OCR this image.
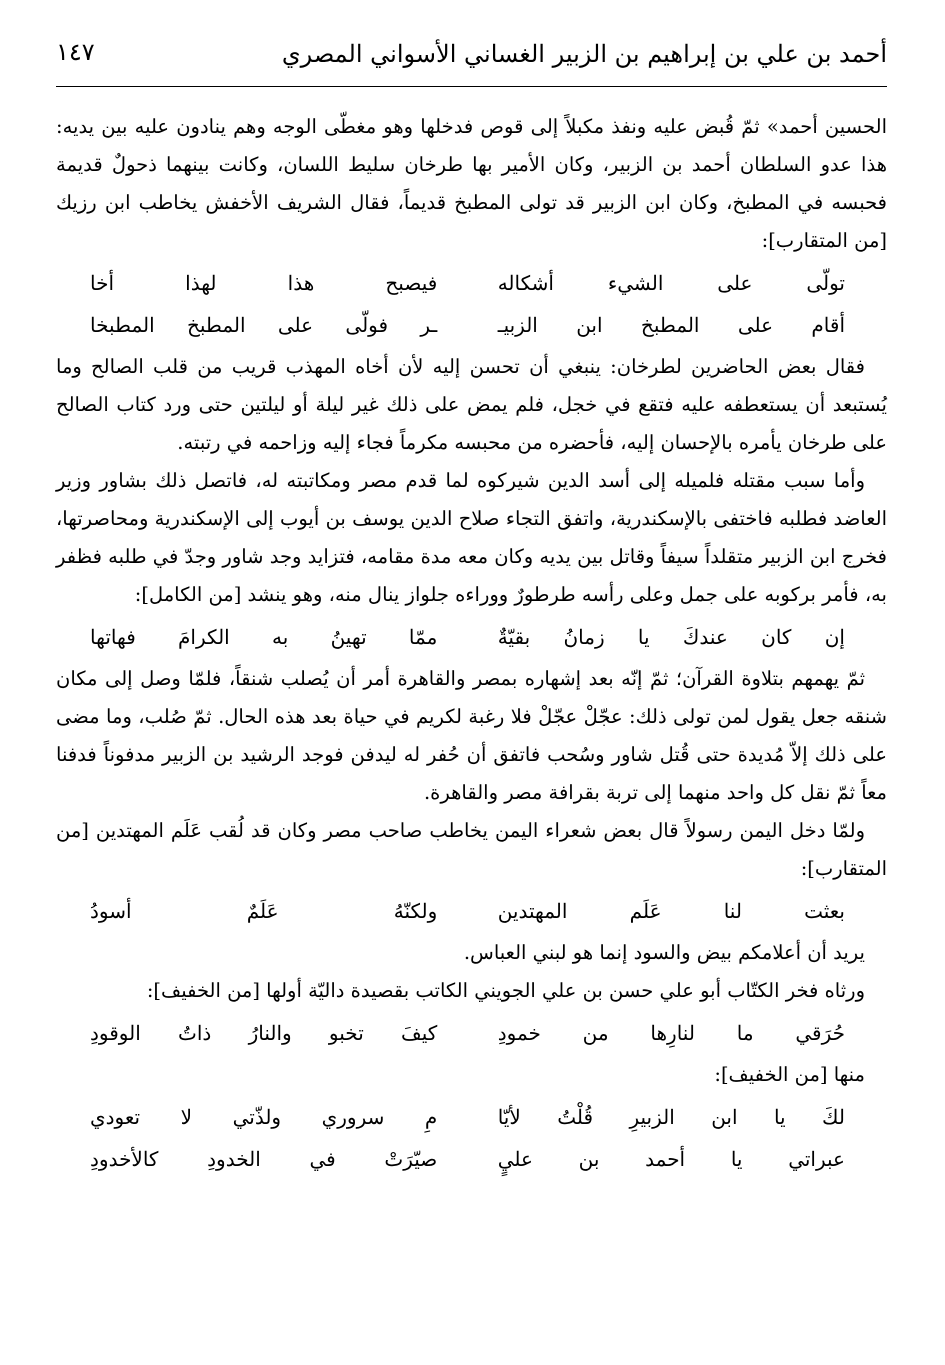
أحمد بن علي بن إبراهيم بن الزبير الغساني الأسواني المصري
١٤٧

الحسين أحمد» ثمّ قُبض عليه ونفذ مكبلاً إلى قوص فدخلها وهو مغطّى الوجه وهم ينادون عليه بين يديه: هذا عدو السلطان أحمد بن الزبير، وكان الأمير بها طرخان سليط اللسان، وكانت بينهما ذحولٌ قديمة فحبسه في المطبخ، وكان ابن الزبير قد تولى المطبخ قديماً، فقال الشريف الأخفش يخاطب ابن رزيك [من المتقارب]:

تولّى على الشيء أشكاله
فيصبح هذا لهذا أخا
أقام على المطبخ ابن الزبيـ
ـر فولّى على المطبخ المطبخا

فقال بعض الحاضرين لطرخان: ينبغي أن تحسن إليه لأن أخاه المهذب قريب من قلب الصالح وما يُستبعد أن يستعطفه عليه فتقع في خجل، فلم يمض على ذلك غير ليلة أو ليلتين حتى ورد كتاب الصالح على طرخان يأمره بالإحسان إليه، فأحضره من محبسه مكرماً فجاء إليه وزاحمه في رتبته.

وأما سبب مقتله فلميله إلى أسد الدين شيركوه لما قدم مصر ومكاتبته له، فاتصل ذلك بشاور وزير العاضد فطلبه فاختفى بالإسكندرية، واتفق التجاء صلاح الدين يوسف بن أيوب إلى الإسكندرية ومحاصرتها، فخرج ابن الزبير متقلداً سيفاً وقاتل بين يديه وكان معه مدة مقامه، فتزايد وجد شاور وجدّ في طلبه فظفر به، فأمر بركوبه على جمل وعلى رأسه طرطورٌ ووراءه جلواز ينال منه، وهو ينشد [من الكامل]:

إن كان عندكَ يا زمانُ بقيّةٌ
ممّا تهينُ به الكرامَ فهاتها

ثمّ يهمهم بتلاوة القرآن؛ ثمّ إنّه بعد إشهاره بمصر والقاهرة أمر أن يُصلب شنقاً، فلمّا وصل إلى مكان شنقه جعل يقول لمن تولى ذلك: عجّلْ عجّلْ فلا رغبة لكريم في حياة بعد هذه الحال. ثمّ صُلب، وما مضى على ذلك إلاّ مُديدة حتى قُتل شاور وسُحب فاتفق أن حُفر له ليدفن فوجد الرشيد بن الزبير مدفوناً فدفنا معاً ثمّ نقل كل واحد منهما إلى تربة بقرافة مصر والقاهرة.

ولمّا دخل اليمن رسولاً قال بعض شعراء اليمن يخاطب صاحب مصر وكان قد لُقب عَلَم المهتدين [من المتقارب]:

بعثت لنا عَلَم المهتدين
ولكنّهُ عَلَمٌ أسودُ

يريد أن أعلامكم بيض والسود إنما هو لبني العباس.

ورثاه فخر الكتّاب أبو علي حسن بن علي الجويني الكاتب بقصيدة داليّة أولها [من الخفيف]:

حُرَقي ما لنارِها من خمودِ
كيفَ تخبو والنارُ ذاتُ الوقودِ

منها [من الخفيف]:

لكَ يا ابن الزبيرِ قُلْتُ لأيّا
مِ سروري ولذّتي لا تعودي
عبراتي يا أحمد بن عليٍ
صيّرَتْ في الخدودِ كالأخدودِ
